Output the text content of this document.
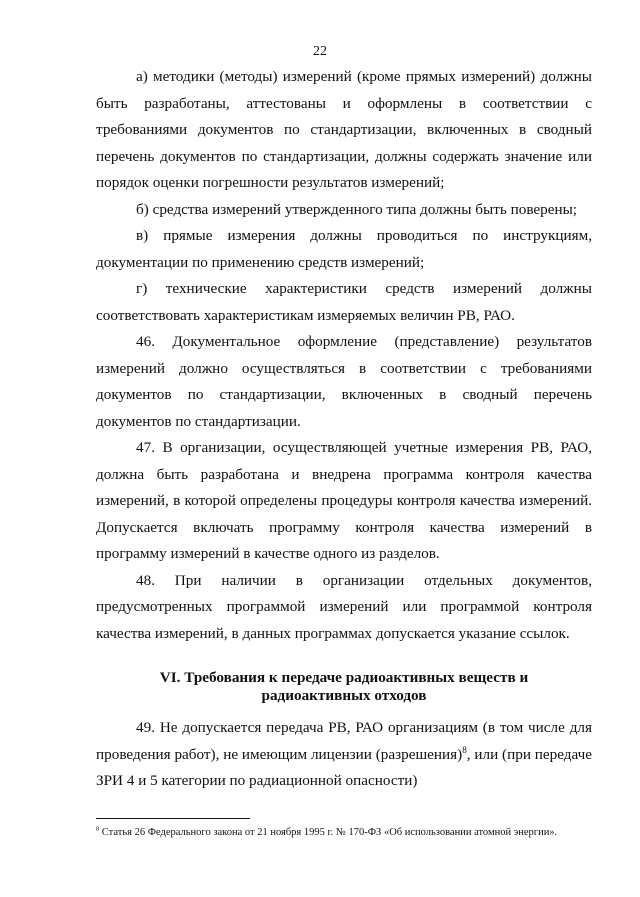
22

а) методики (методы) измерений (кроме прямых измерений) должны быть разработаны, аттестованы и оформлены в соответствии с требованиями документов по стандартизации, включенных в сводный перечень документов по стандартизации, должны содержать значение или порядок оценки погрешности результатов измерений;

б) средства измерений утвержденного типа должны быть поверены;

в) прямые измерения должны проводиться по инструкциям, документации по применению средств измерений;

г) технические характеристики средств измерений должны соответствовать характеристикам измеряемых величин РВ, РАО.

46. Документальное оформление (представление) результатов измерений должно осуществляться в соответствии с требованиями документов по стандартизации, включенных в сводный перечень документов по стандартизации.

47. В организации, осуществляющей учетные измерения РВ, РАО, должна быть разработана и внедрена программа контроля качества измерений, в которой определены процедуры контроля качества измерений. Допускается включать программу контроля качества измерений в программу измерений в качестве одного из разделов.

48. При наличии в организации отдельных документов, предусмотренных программой измерений или программой контроля качества измерений, в данных программах допускается указание ссылок.

VI. Требования к передаче радиоактивных веществ и радиоактивных отходов

49. Не допускается передача РВ, РАО организациям (в том числе для проведения работ), не имеющим лицензии (разрешения)$^8$, или (при передаче ЗРИ 4 и 5 категории по радиационной опасности)

$^8$ Статья 26 Федерального закона от 21 ноября 1995 г. № 170-ФЗ «Об использовании атомной энергии».
